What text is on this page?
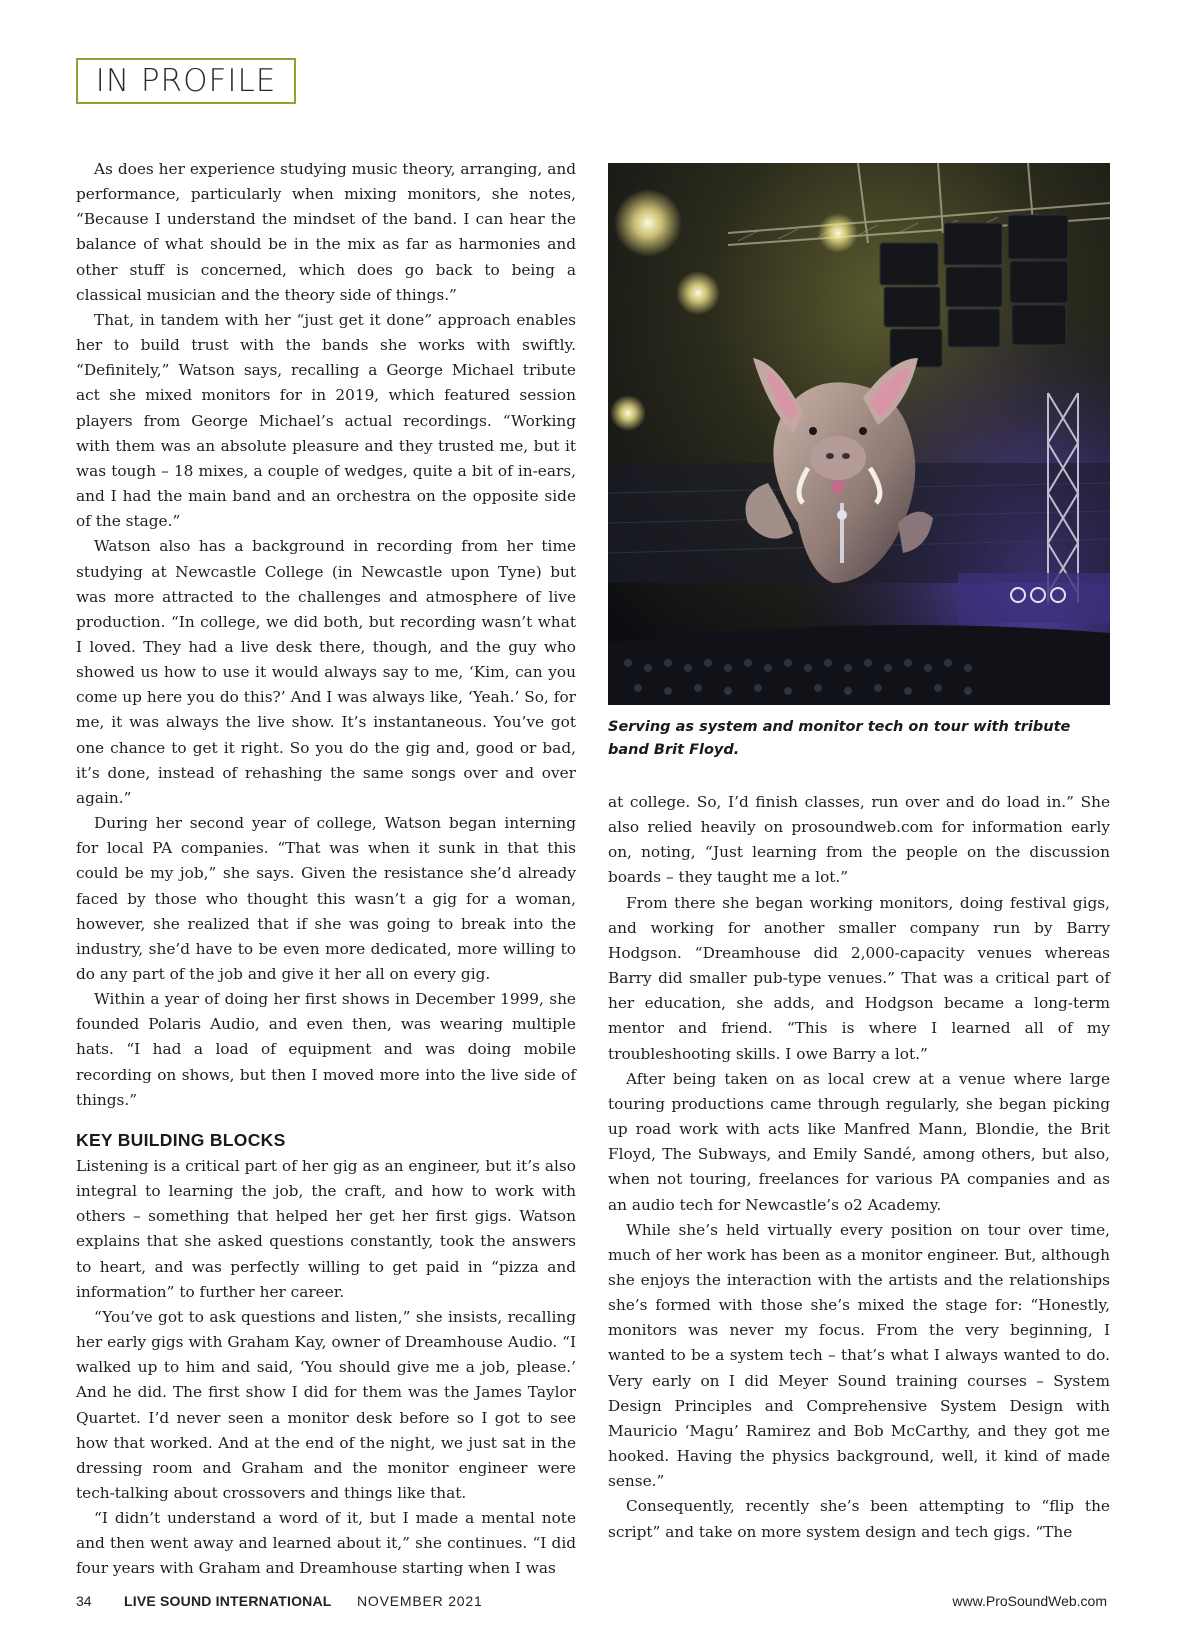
IN PROFILE

As does her experience studying music theory, arranging, and performance, particularly when mixing monitors, she notes, “Because I understand the mindset of the band. I can hear the balance of what should be in the mix as far as harmonies and other stuff is concerned, which does go back to being a classical musician and the theory side of things.”

That, in tandem with her “just get it done” approach enables her to build trust with the bands she works with swiftly. “Definitely,” Watson says, recalling a George Michael tribute act she mixed monitors for in 2019, which featured session players from George Michael’s actual recordings. “Working with them was an absolute pleasure and they trusted me, but it was tough – 18 mixes, a couple of wedges, quite a bit of in-ears, and I had the main band and an orchestra on the opposite side of the stage.”

Watson also has a background in recording from her time studying at Newcastle College (in Newcastle upon Tyne) but was more attracted to the challenges and atmosphere of live production. “In college, we did both, but recording wasn’t what I loved. They had a live desk there, though, and the guy who showed us how to use it would always say to me, ‘Kim, can you come up here you do this?’ And I was always like, ‘Yeah.’ So, for me, it was always the live show. It’s instantaneous. You’ve got one chance to get it right. So you do the gig and, good or bad, it’s done, instead of rehashing the same songs over and over again.”

During her second year of college, Watson began interning for local PA companies. “That was when it sunk in that this could be my job,” she says. Given the resistance she’d already faced by those who thought this wasn’t a gig for a woman, however, she realized that if she was going to break into the industry, she’d have to be even more dedicated, more willing to do any part of the job and give it her all on every gig.

Within a year of doing her first shows in December 1999, she founded Polaris Audio, and even then, was wearing multiple hats. “I had a load of equipment and was doing mobile recording on shows, but then I moved more into the live side of things.”

KEY BUILDING BLOCKS

Listening is a critical part of her gig as an engineer, but it’s also integral to learning the job, the craft, and how to work with others – something that helped her get her first gigs. Watson explains that she asked questions constantly, took the answers to heart, and was perfectly willing to get paid in “pizza and information” to further her career.

“You’ve got to ask questions and listen,” she insists, recalling her early gigs with Graham Kay, owner of Dreamhouse Audio. “I walked up to him and said, ‘You should give me a job, please.’ And he did. The first show I did for them was the James Taylor Quartet. I’d never seen a monitor desk before so I got to see how that worked. And at the end of the night, we just sat in the dressing room and Graham and the monitor engineer were tech-talking about crossovers and things like that.

“I didn’t understand a word of it, but I made a mental note and then went away and learned about it,” she continues. “I did four years with Graham and Dreamhouse starting when I was

Serving as system and monitor tech on tour with tribute band Brit Floyd.

at college. So, I’d finish classes, run over and do load in.” She also relied heavily on prosoundweb.com for information early on, noting, “Just learning from the people on the discussion boards – they taught me a lot.”

From there she began working monitors, doing festival gigs, and working for another smaller company run by Barry Hodgson. “Dreamhouse did 2,000-capacity venues whereas Barry did smaller pub-type venues.” That was a critical part of her education, she adds, and Hodgson became a long-term mentor and friend. “This is where I learned all of my troubleshooting skills. I owe Barry a lot.”

After being taken on as local crew at a venue where large touring productions came through regularly, she began picking up road work with acts like Manfred Mann, Blondie, the Brit Floyd, The Subways, and Emily Sandé, among others, but also, when not touring, freelances for various PA companies and as an audio tech for Newcastle’s o2 Academy.

While she’s held virtually every position on tour over time, much of her work has been as a monitor engineer. But, although she enjoys the interaction with the artists and the relationships she’s formed with those she’s mixed the stage for: “Honestly, monitors was never my focus. From the very beginning, I wanted to be a system tech – that’s what I always wanted to do. Very early on I did Meyer Sound training courses – System Design Principles and Comprehensive System Design with Mauricio ‘Magu’ Ramirez and Bob McCarthy, and they got me hooked. Having the physics background, well, it kind of made sense.”

Consequently, recently she’s been attempting to “flip the script” and take on more system design and tech gigs. “The

34 LIVE SOUND INTERNATIONAL NOVEMBER 2021	www.ProSoundWeb.com
